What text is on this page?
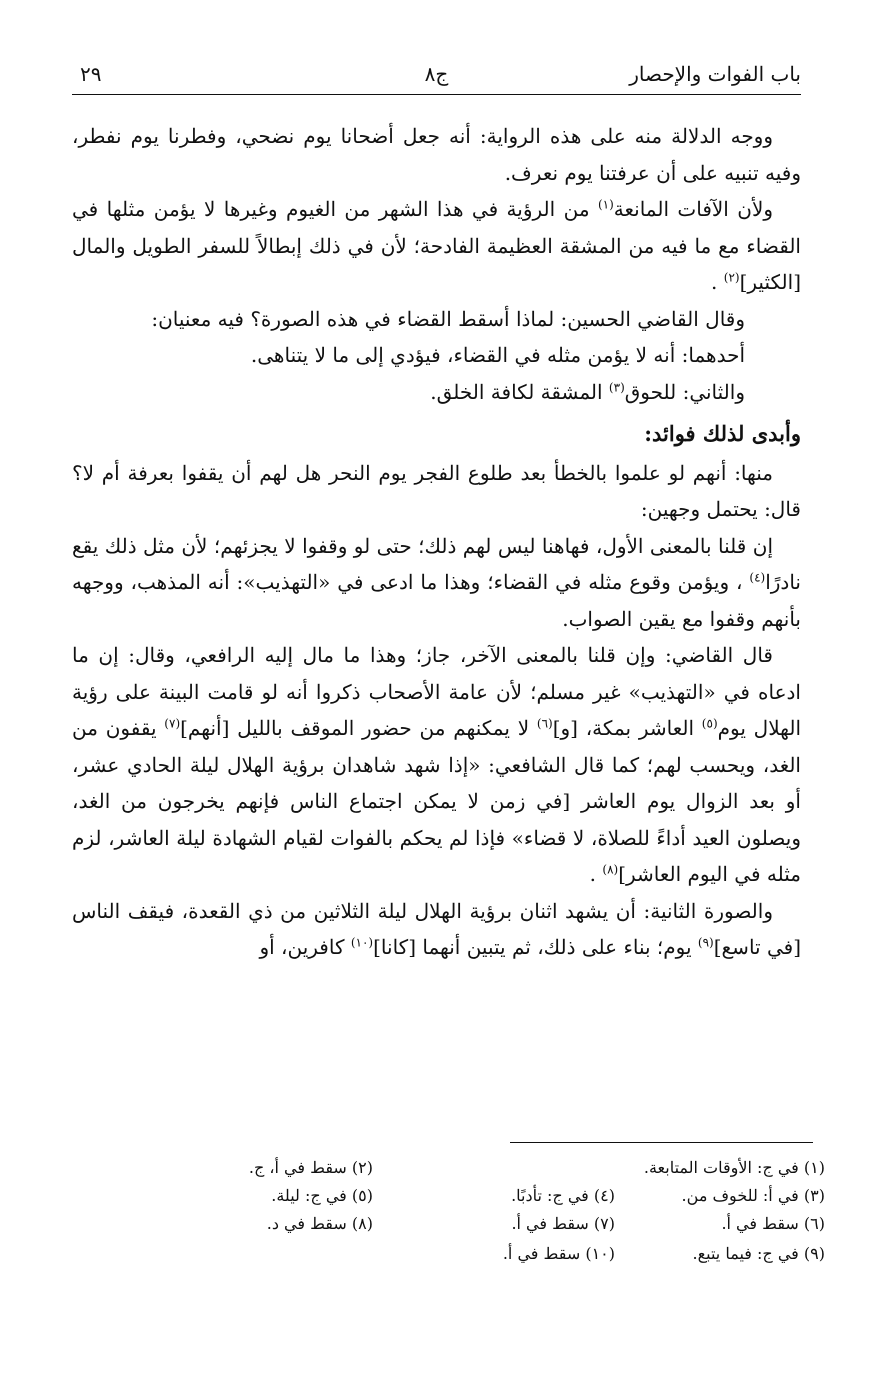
باب الفوات والإحصار
ج٨
٢٩

ووجه الدلالة منه على هذه الرواية: أنه جعل أضحانا يوم نضحي، وفطرنا يوم نفطر، وفيه تنبيه على أن عرفتنا يوم نعرف.

ولأن الآفات المانعة$^{(١)}$ من الرؤية في هذا الشهر من الغيوم وغيرها لا يؤمن مثلها في القضاء مع ما فيه من المشقة العظيمة الفادحة؛ لأن في ذلك إبطالاً للسفر الطويل والمال [الكثير]$^{(٢)}$ .

وقال القاضي الحسين: لماذا أسقط القضاء في هذه الصورة؟ فيه معنيان:

أحدهما: أنه لا يؤمن مثله في القضاء، فيؤدي إلى ما لا يتناهى.

والثاني: للحوق$^{(٣)}$ المشقة لكافة الخلق.

وأبدى لذلك فوائد:

منها: أنهم لو علموا بالخطأ بعد طلوع الفجر يوم النحر هل لهم أن يقفوا بعرفة أم لا؟ قال: يحتمل وجهين:

إن قلنا بالمعنى الأول، فهاهنا ليس لهم ذلك؛ حتى لو وقفوا لا يجزئهم؛ لأن مثل ذلك يقع نادرًا$^{(٤)}$ ، ويؤمن وقوع مثله في القضاء؛ وهذا ما ادعى في «التهذيب»: أنه المذهب، ووجهه بأنهم وقفوا مع يقين الصواب.

قال القاضي: وإن قلنا بالمعنى الآخر، جاز؛ وهذا ما مال إليه الرافعي، وقال: إن ما ادعاه في «التهذيب» غير مسلم؛ لأن عامة الأصحاب ذكروا أنه لو قامت البينة على رؤية الهلال يوم$^{(٥)}$ العاشر بمكة، [و]$^{(٦)}$ لا يمكنهم من حضور الموقف بالليل [أنهم]$^{(٧)}$ يقفون من الغد، ويحسب لهم؛ كما قال الشافعي: «إذا شهد شاهدان برؤية الهلال ليلة الحادي عشر، أو بعد الزوال يوم العاشر [في زمن لا يمكن اجتماع الناس فإنهم يخرجون من الغد، ويصلون العيد أداءً للصلاة، لا قضاء» فإذا لم يحكم بالفوات لقيام الشهادة ليلة العاشر، لزم مثله في اليوم العاشر]$^{(٨)}$ .

والصورة الثانية: أن يشهد اثنان برؤية الهلال ليلة الثلاثين من ذي القعدة، فيقف الناس [في تاسع]$^{(٩)}$ يوم؛ بناء على ذلك، ثم يتبين أنهما [كانا]$^{(١٠)}$ كافرين، أو

(١) في ج: الأوقات المتابعة.
(٢) سقط في أ، ج.
(٣) في أ: للخوف من.
(٤) في ج: تأدبًا.
(٥) في ج: ليلة.
(٦) سقط في أ.
(٧) سقط في أ.
(٨) سقط في د.
(٩) في ج: فيما يتبع.
(١٠) سقط في أ.
